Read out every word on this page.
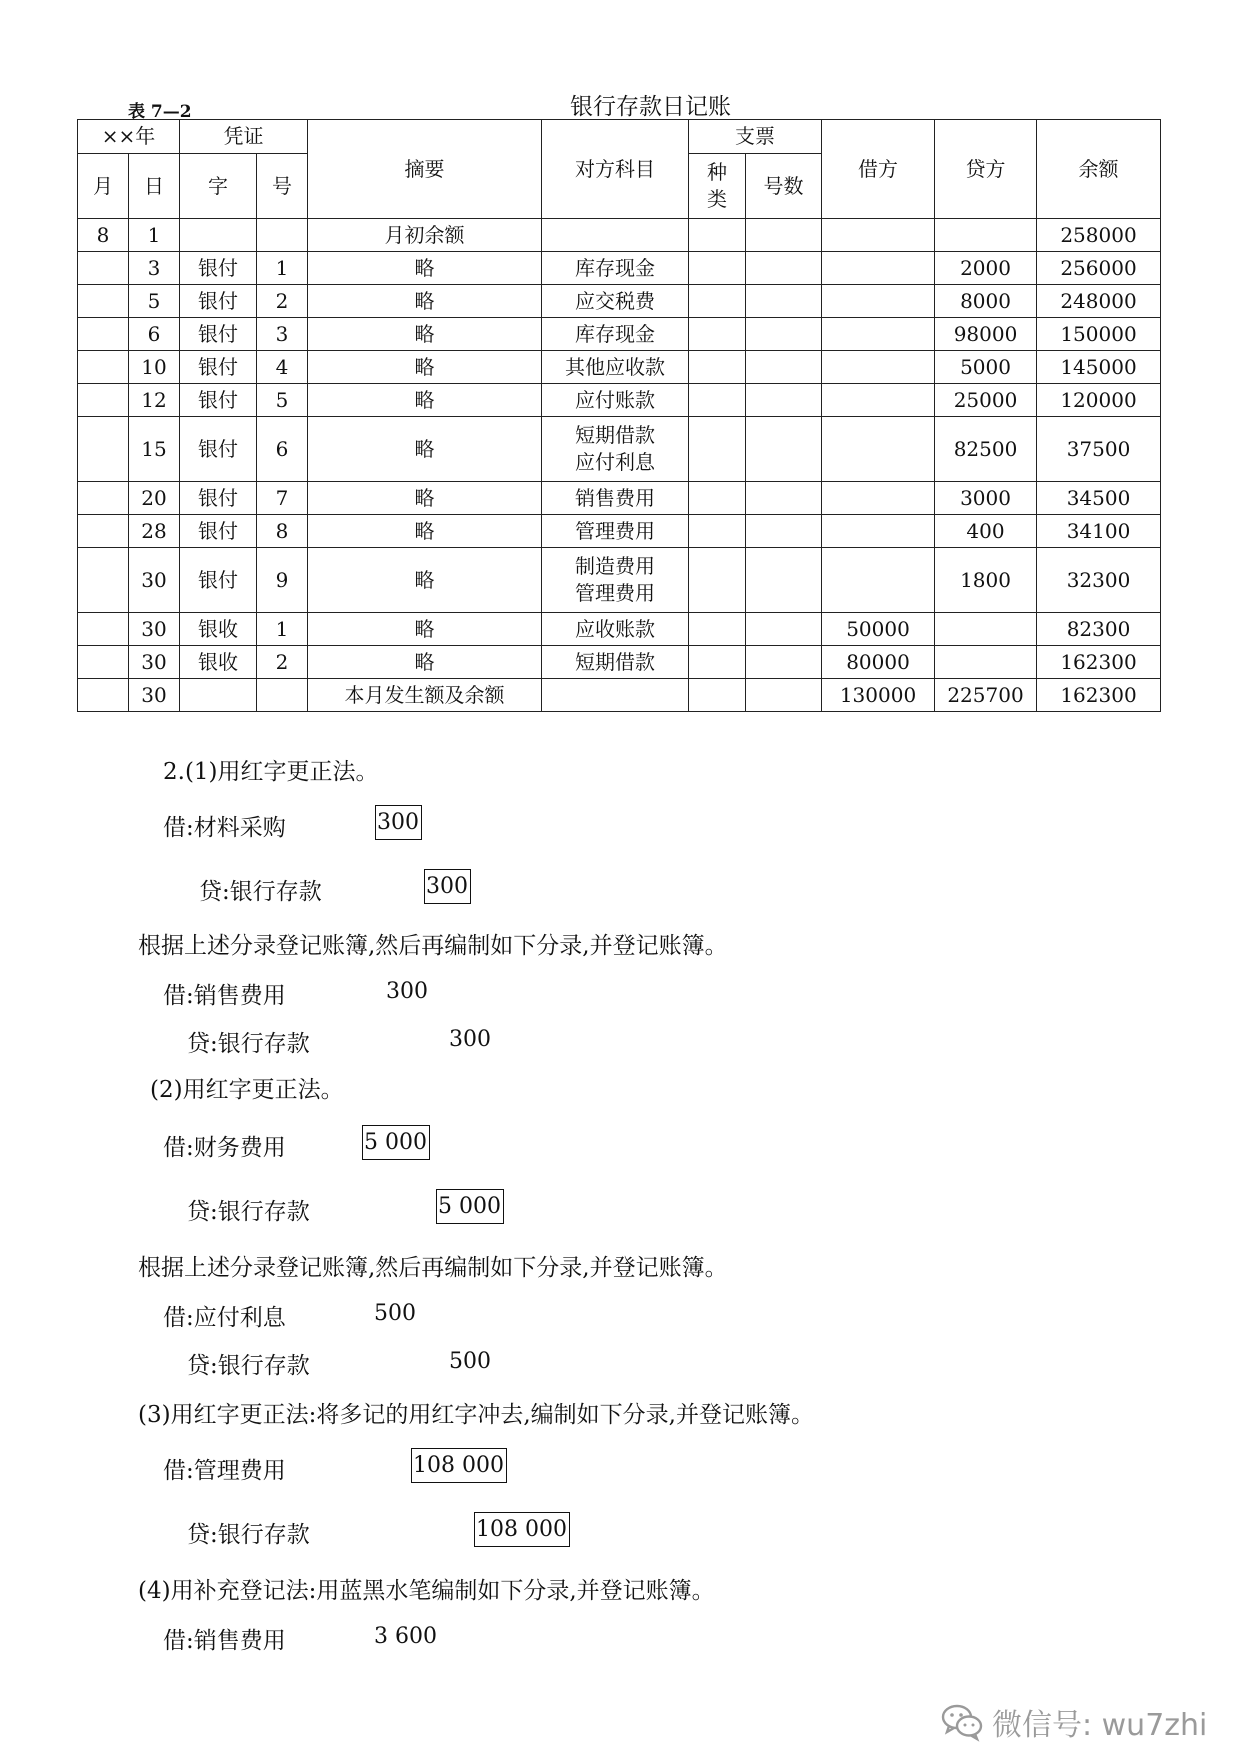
表 7—2	银行存款日记账
××年		凭证		摘要	对方科目	支票		借方	贷方	余额
月	日	字	号			种类	号数			
8	1			月初余额						258000
	3	银付	1	略	库存现金				2000	256000
	5	银付	2	略	应交税费				8000	248000
	6	银付	3	略	库存现金				98000	150000
	10	银付	4	略	其他应收款				5000	145000
	12	银付	5	略	应付账款				25000	120000
	15	银付	6	略	短期借款
应付利息				82500	37500
	20	银付	7	略	销售费用				3000	34500
	28	银付	8	略	管理费用				400	34100
	30	银付	9	略	制造费用
管理费用				1800	32300
	30	银收	1	略	应收账款			50000		82300
	30	银收	2	略	短期借款			80000		162300
	30			本月发生额及余额				130000	225700	162300
2.(1)用红字更正法。
借:材料采购	300
贷:银行存款	300
根据上述分录登记账簿,然后再编制如下分录,并登记账簿。
借:销售费用	300
贷:银行存款	300
(2)用红字更正法。
借:财务费用	5 000
贷:银行存款	5 000
根据上述分录登记账簿,然后再编制如下分录,并登记账簿。
借:应付利息	500
贷:银行存款	500
(3)用红字更正法:将多记的用红字冲去,编制如下分录,并登记账簿。
借:管理费用	108 000
贷:银行存款	108 000
(4)用补充登记法:用蓝黑水笔编制如下分录,并登记账簿。
借:销售费用	3 600
微信号: wu7zhi
